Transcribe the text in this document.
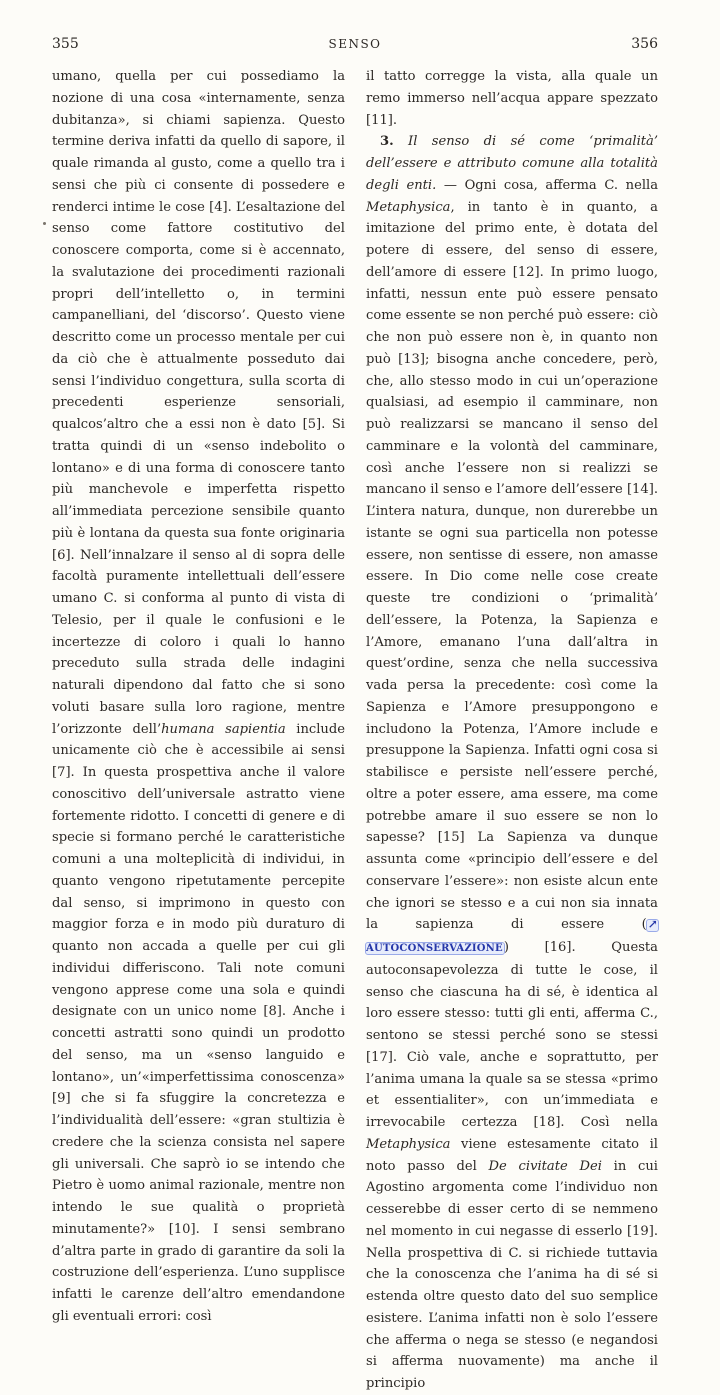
355	SENSO	356

umano, quella per cui possediamo la nozione di una cosa «internamente, senza dubitanza», si chiami sapienza. Questo termine deriva infatti da quello di sapore, il quale rimanda al gusto, come a quello tra i sensi che più ci consente di possedere e renderci intime le cose [4]. L’esaltazione del senso come fattore costitutivo del conoscere comporta, come si è accennato, la svalutazione dei procedimenti razionali propri dell’intelletto o, in termini campanelliani, del ‘discorso’. Questo viene descritto come un processo mentale per cui da ciò che è attualmente posseduto dai sensi l’individuo congettura, sulla scorta di precedenti esperienze sensoriali, qualcos’altro che a essi non è dato [5]. Si tratta quindi di un «senso indebolito o lontano» e di una forma di conoscere tanto più manchevole e imperfetta rispetto all’immediata percezione sensibile quanto più è lontana da questa sua fonte originaria [6]. Nell’innalzare il senso al di sopra delle facoltà puramente intellettuali dell’essere umano C. si conforma al punto di vista di Telesio, per il quale le confusioni e le incertezze di coloro i quali lo hanno preceduto sulla strada delle indagini naturali dipendono dal fatto che si sono voluti basare sulla loro ragione, mentre l’orizzonte dell’humana sapientia include unicamente ciò che è accessibile ai sensi [7]. In questa prospettiva anche il valore conoscitivo dell’universale astratto viene fortemente ridotto. I concetti di genere e di specie si formano perché le caratteristiche comuni a una molteplicità di individui, in quanto vengono ripetutamente percepite dal senso, si imprimono in questo con maggior forza e in modo più duraturo di quanto non accada a quelle per cui gli individui differiscono. Tali note comuni vengono apprese come una sola e quindi designate con un unico nome [8]. Anche i concetti astratti sono quindi un prodotto del senso, ma un «senso languido e lontano», un’«imperfettissima conoscenza» [9] che si fa sfuggire la concretezza e l’individualità dell’essere: «gran stultizia è credere che la scienza consista nel sapere gli universali. Che saprò io se intendo che Pietro è uomo animal razionale, mentre non intendo le sue qualità o proprietà minutamente?» [10]. I sensi sembrano d’altra parte in grado di garantire da soli la costruzione dell’esperienza. L’uno supplisce infatti le carenze dell’altro emendandone gli eventuali errori: così

il tatto corregge la vista, alla quale un remo immerso nell’acqua appare spezzato [11].

3. Il senso di sé come ‘primalità’ dell’essere e attributo comune alla totalità degli enti. — Ogni cosa, afferma C. nella Metaphysica, in tanto è in quanto, a imitazione del primo ente, è dotata del potere di essere, del senso di essere, dell’amore di essere [12]. In primo luogo, infatti, nessun ente può essere pensato come essente se non perché può essere: ciò che non può essere non è, in quanto non può [13]; bisogna anche concedere, però, che, allo stesso modo in cui un’operazione qualsiasi, ad esempio il camminare, non può realizzarsi se mancano il senso del camminare e la volontà del camminare, così anche l’essere non si realizzi se mancano il senso e l’amore dell’essere [14]. L’intera natura, dunque, non durerebbe un istante se ogni sua particella non potesse essere, non sentisse di essere, non amasse essere. In Dio come nelle cose create queste tre condizioni o ‘primalità’ dell’essere, la Potenza, la Sapienza e l’Amore, emanano l’una dall’altra in quest’ordine, senza che nella successiva vada persa la precedente: così come la Sapienza e l’Amore presuppongono e includono la Potenza, l’Amore include e presuppone la Sapienza. Infatti ogni cosa si stabilisce e persiste nell’essere perché, oltre a poter essere, ama essere, ma come potrebbe amare il suo essere se non lo sapesse? [15] La Sapienza va dunque assunta come «principio dell’essere e del conservare l’essere»: non esiste alcun ente che ignori se stesso e a cui non sia innata la sapienza di essere (↗ AUTOCONSERVAZIONE) [16]. Questa autoconsapevolezza di tutte le cose, il senso che ciascuna ha di sé, è identica al loro essere stesso: tutti gli enti, afferma C., sentono se stessi perché sono se stessi [17]. Ciò vale, anche e soprattutto, per l’anima umana la quale sa se stessa «primo et essentialiter», con un’immediata e irrevocabile certezza [18]. Così nella Metaphysica viene estesamente citato il noto passo del De civitate Dei in cui Agostino argomenta come l’individuo non cesserebbe di esser certo di se nemmeno nel momento in cui negasse di esserlo [19]. Nella prospettiva di C. si richiede tuttavia che la conoscenza che l’anima ha di sé si estenda oltre questo dato del suo semplice esistere. L’anima infatti non è solo l’essere che afferma o nega se stesso (e negandosi si afferma nuovamente) ma anche il principio
